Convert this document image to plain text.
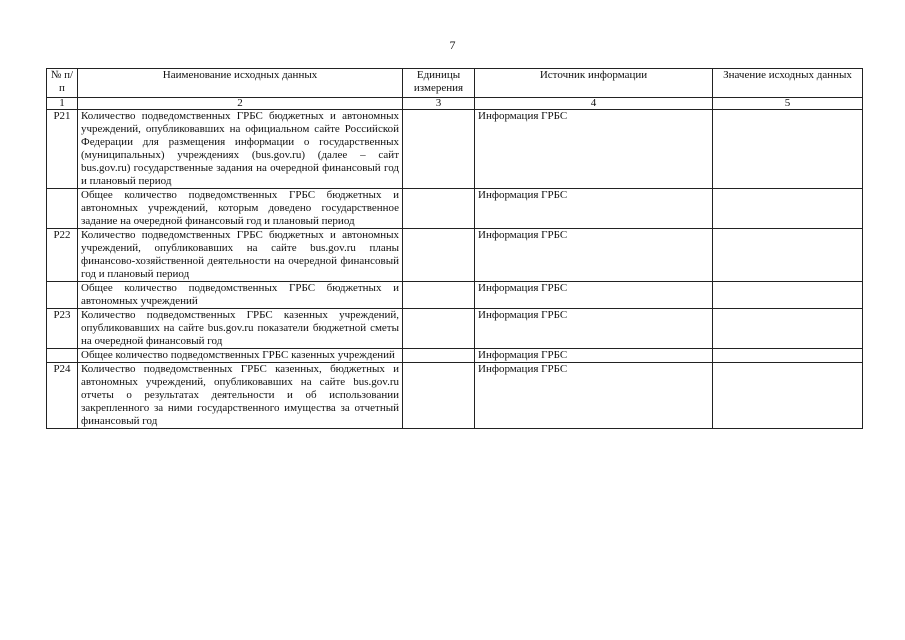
7
№ п/п	Наименование исходных данных	Единицы измерения	Источник информации	Значение исходных данных
1	2	3	4	5
Р21	Количество подведомственных ГРБС бюджетных и автономных учреждений, опубликовавших на официальном сайте Российской Федерации для размещения информации о государственных (муниципальных) учреждениях (bus.gov.ru) (далее – сайт bus.gov.ru) государственные задания на очередной финансовый год и плановый период		Информация ГРБС	
	Общее количество подведомственных ГРБС бюджетных и автономных учреждений, которым доведено государственное задание на очередной финансовый год и плановый период		Информация ГРБС	
Р22	Количество подведомственных ГРБС бюджетных и автономных учреждений, опубликовавших на сайте bus.gov.ru планы финансово-хозяйственной деятельности на очередной финансовый год и плановый период		Информация ГРБС	
	Общее количество подведомственных ГРБС бюджетных и автономных учреждений		Информация ГРБС	
Р23	Количество подведомственных ГРБС казенных учреждений, опубликовавших на сайте bus.gov.ru показатели бюджетной сметы на очередной финансовый год		Информация ГРБС	
	Общее количество подведомственных ГРБС казенных учреждений		Информация ГРБС	
Р24	Количество подведомственных ГРБС казенных, бюджетных и автономных учреждений, опубликовавших на сайте bus.gov.ru отчеты о результатах деятельности и об использовании закрепленного за ними государственного имущества за отчетный финансовый год		Информация ГРБС	
